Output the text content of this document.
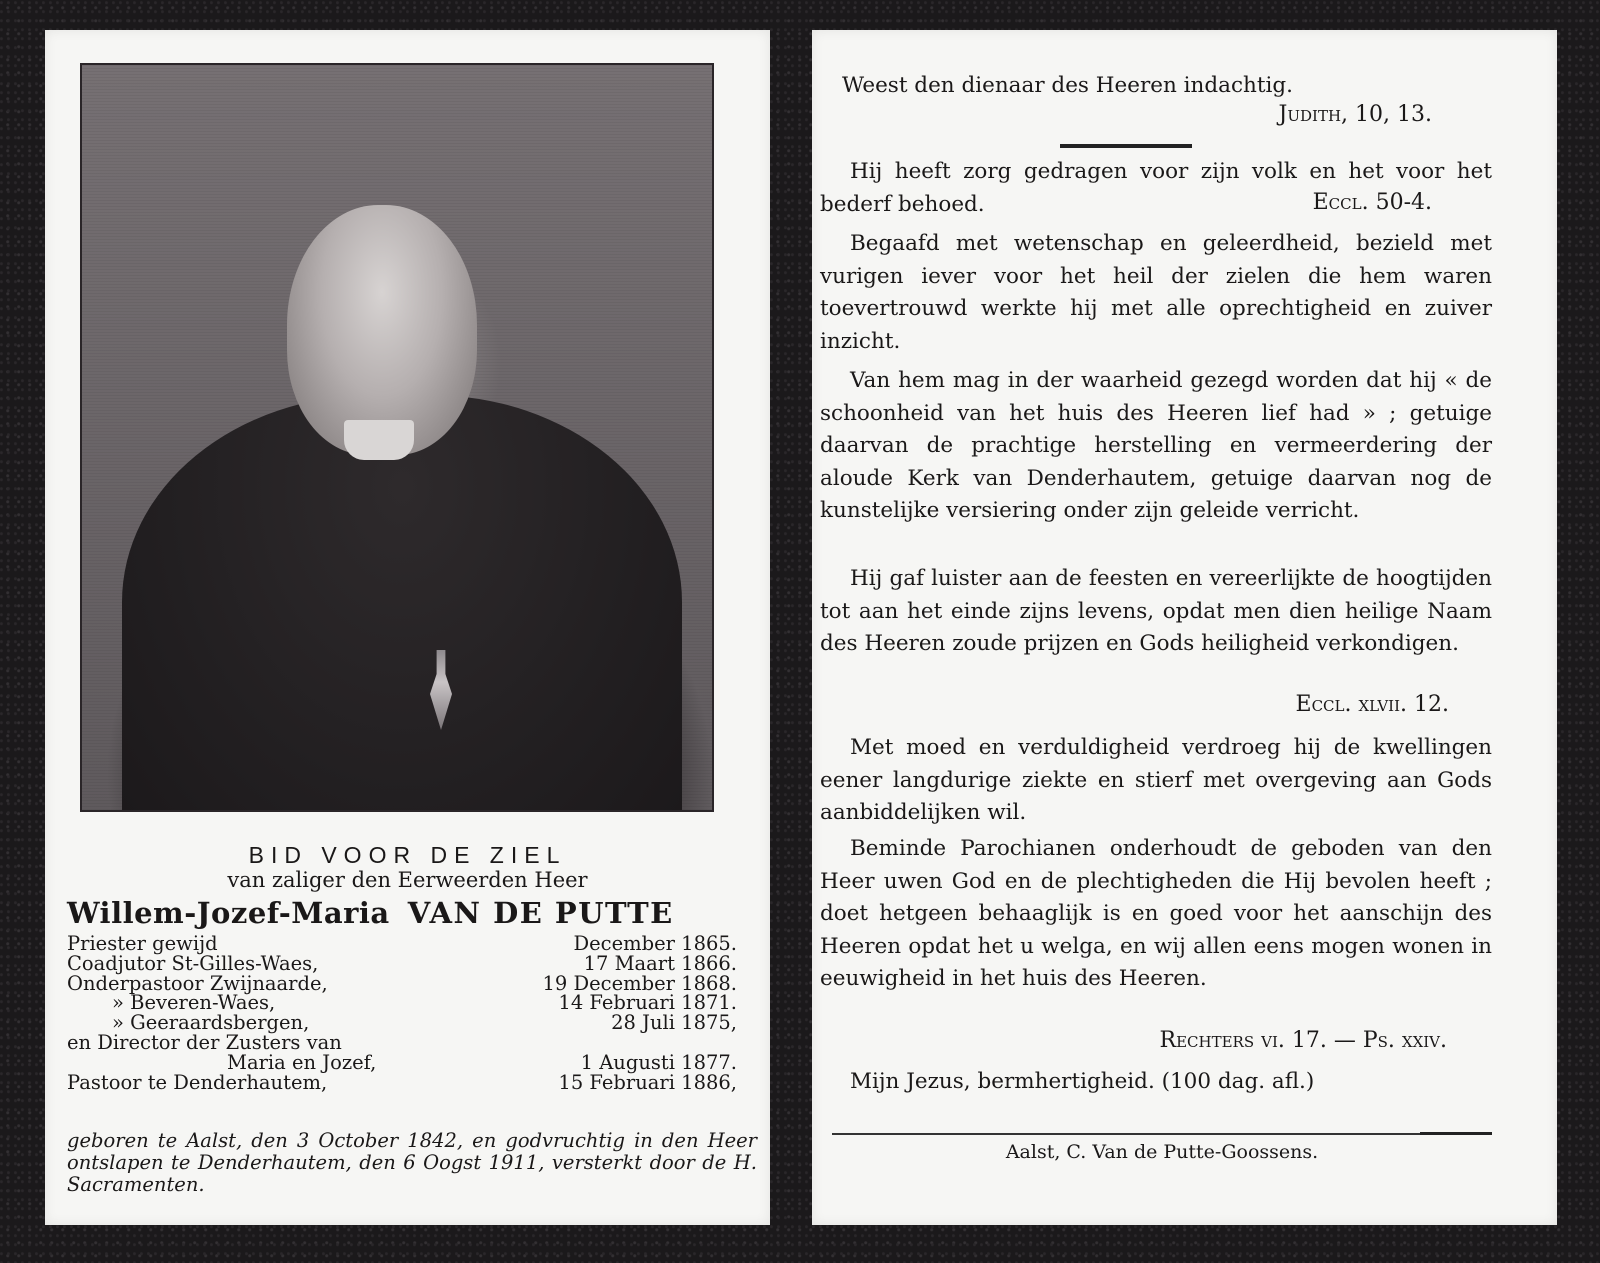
BID VOOR DE ZIEL
van zaliger den Eerweerden Heer
Willem-Jozef-Maria VAN DE PUTTE
Priester gewijd	December 1865.
Coadjutor St-Gilles-Waes,	17 Maart 1866.
Onderpastoor Zwijnaarde,	19 December 1868.
» Beveren-Waes,	14 Februari 1871.
» Geeraardsbergen,	28 Juli 1875,
en Director der Zusters van
Maria en Jozef,	1 Augusti 1877.
Pastoor te Denderhautem,	15 Februari 1886,
geboren te Aalst, den 3 October 1842, en godvruchtig in den Heer ontslapen te Denderhautem, den 6 Oogst 1911, versterkt door de H. Sacramenten.
Weest den dienaar des Heeren indachtig.
Judith, 10, 13.

Hij heeft zorg gedragen voor zijn volk en het voor het bederf behoed.	Eccl. 50-4.

Begaafd met wetenschap en geleerdheid, bezield met vurigen iever voor het heil der zielen die hem waren toevertrouwd werkte hij met alle oprechtigheid en zuiver inzicht.

Van hem mag in der waarheid gezegd worden dat hij « de schoonheid van het huis des Heeren lief had » ; getuige daarvan de prachtige herstelling en vermeerdering der aloude Kerk van Denderhautem, getuige daarvan nog de kunstelijke versiering onder zijn geleide verricht.

Hij gaf luister aan de feesten en vereerlijkte de hoogtijden tot aan het einde zijns levens, opdat men dien heilige Naam des Heeren zoude prijzen en Gods heiligheid verkondigen.

Eccl. xlvii. 12.

Met moed en verduldigheid verdroeg hij de kwellingen eener langdurige ziekte en stierf met overgeving aan Gods aanbiddelijken wil.

Beminde Parochianen onderhoudt de geboden van den Heer uwen God en de plechtigheden die Hij bevolen heeft ; doet hetgeen behaaglijk is en goed voor het aanschijn des Heeren opdat het u welga, en wij allen eens mogen wonen in eeuwigheid in het huis des Heeren.

Rechters vi. 17. — Ps. xxiv.
Mijn Jezus, bermhertigheid. (100 dag. afl.)
Aalst, C. Van de Putte-Goossens.
